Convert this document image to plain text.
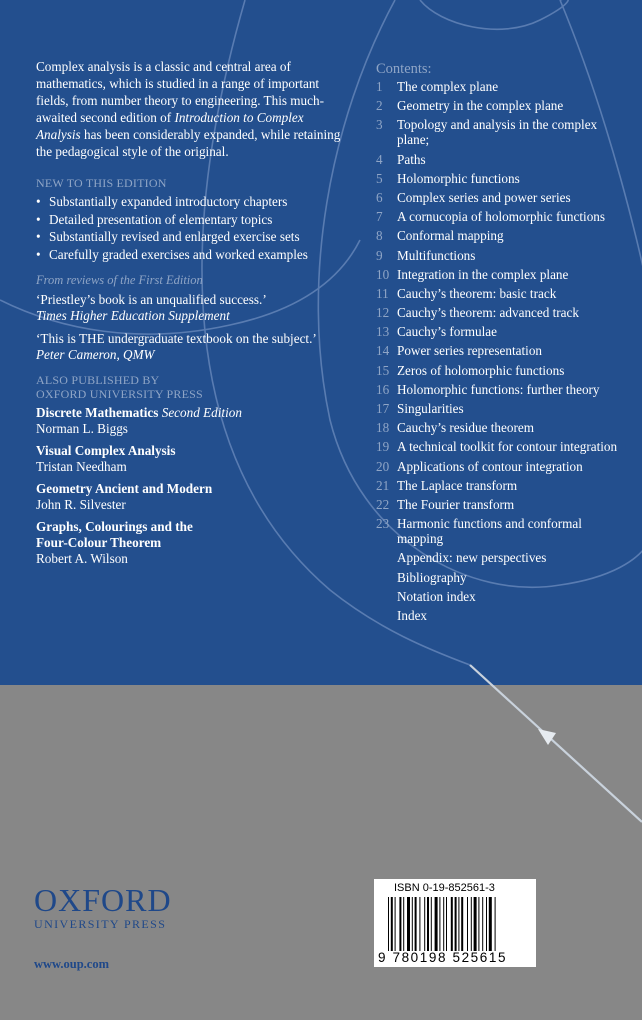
Complex analysis is a classic and central area of mathematics, which is studied in a range of important fields, from number theory to engineering. This much-awaited second edition of Introduction to Complex Analysis has been considerably expanded, while retaining the pedagogical style of the original.

NEW TO THIS EDITION
• Substantially expanded introductory chapters
• Detailed presentation of elementary topics
• Substantially revised and enlarged exercise sets
• Carefully graded exercises and worked examples

From reviews of the First Edition

‘Priestley’s book is an unqualified success.’

Times Higher Education Supplement

‘This is THE undergraduate textbook on the subject.’

Peter Cameron, QMW

ALSO PUBLISHED BY
OXFORD UNIVERSITY PRESS

Discrete Mathematics Second Edition

Norman L. Biggs

Visual Complex Analysis

Tristan Needham

Geometry Ancient and Modern

John R. Silvester

Graphs, Colourings and the Four-Colour Theorem

Robert A. Wilson

Contents:
1 The complex plane
2 Geometry in the complex plane
3 Topology and analysis in the complex plane;
4 Paths
5 Holomorphic functions
6 Complex series and power series
7 A cornucopia of holomorphic functions
8 Conformal mapping
9 Multifunctions
10 Integration in the complex plane
11 Cauchy’s theorem: basic track
12 Cauchy’s theorem: advanced track
13 Cauchy’s formulae
14 Power series representation
15 Zeros of holomorphic functions
16 Holomorphic functions: further theory
17 Singularities
18 Cauchy’s residue theorem
19 A technical toolkit for contour integration
20 Applications of contour integration
21 The Laplace transform
22 The Fourier transform
23 Harmonic functions and conformal mapping
Appendix: new perspectives
Bibliography
Notation index
Index
OXFORD
UNIVERSITY PRESS
www.oup.com
ISBN 0-19-852561-3
9 780198 525615
